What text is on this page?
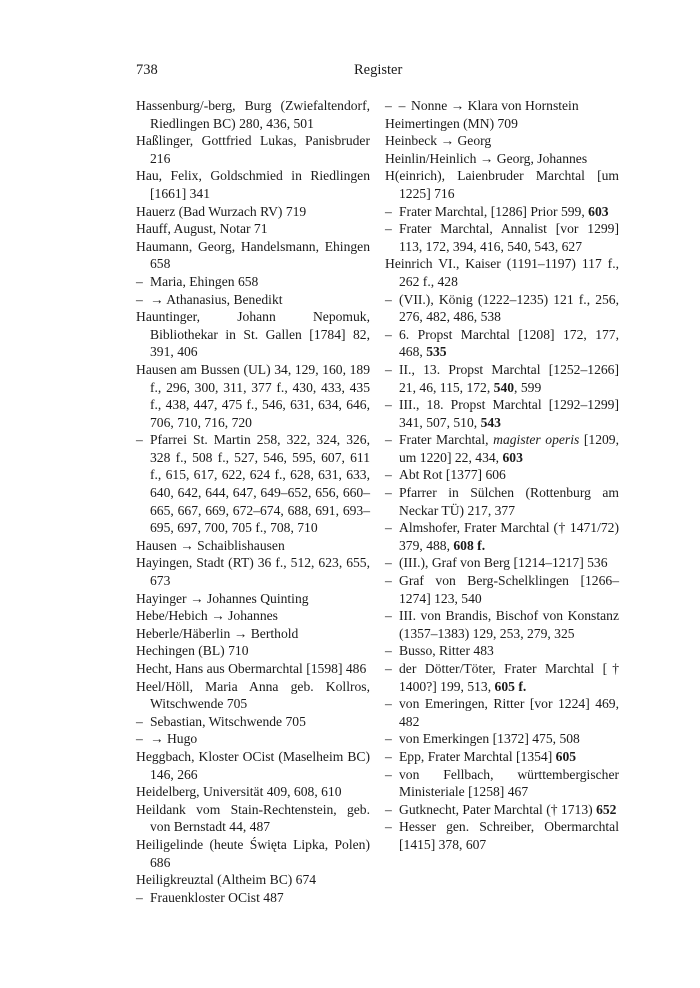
738	Register
Hassenburg/-berg, Burg (Zwiefaltendorf, Riedlingen BC) 280, 436, 501
Haßlinger, Gottfried Lukas, Panisbruder 216
Hau, Felix, Goldschmied in Riedlingen [1661] 341
Hauerz (Bad Wurzach RV) 719
Hauff, August, Notar 71
Haumann, Georg, Handelsmann, Ehingen 658
– Maria, Ehingen 658
– → Athanasius, Benedikt
Hauntinger, Johann Nepomuk, Bibliothekar in St. Gallen [1784] 82, 391, 406
Hausen am Bussen (UL) 34, 129, 160, 189 f., 296, 300, 311, 377 f., 430, 433, 435 f., 438, 447, 475 f., 546, 631, 634, 646, 706, 710, 716, 720
– Pfarrei St. Martin 258, 322, 324, 326, 328 f., 508 f., 527, 546, 595, 607, 611 f., 615, 617, 622, 624 f., 628, 631, 633, 640, 642, 644, 647, 649–652, 656, 660–665, 667, 669, 672–674, 688, 691, 693–695, 697, 700, 705 f., 708, 710
Hausen → Schaiblishausen
Hayingen, Stadt (RT) 36 f., 512, 623, 655, 673
Hayinger → Johannes Quinting
Hebe/Hebich → Johannes
Heberle/Häberlin → Berthold
Hechingen (BL) 710
Hecht, Hans aus Obermarchtal [1598] 486
Heel/Höll, Maria Anna geb. Kollros, Witschwende 705
– Sebastian, Witschwende 705
– → Hugo
Heggbach, Kloster OCist (Maselheim BC) 146, 266
Heidelberg, Universität 409, 608, 610
Heildank vom Stain-Rechtenstein, geb. von Bernstadt 44, 487
Heiligelinde (heute Święta Lipka, Polen) 686
Heiligkreuztal (Altheim BC) 674
– Frauenkloster OCist 487
– – Nonne → Klara von Hornstein
Heimertingen (MN) 709
Heinbeck → Georg
Heinlin/Heinlich → Georg, Johannes
H(einrich), Laienbruder Marchtal [um 1225] 716
– Frater Marchtal, [1286] Prior 599, 603
– Frater Marchtal, Annalist [vor 1299] 113, 172, 394, 416, 540, 543, 627
Heinrich VI., Kaiser (1191–1197) 117 f., 262 f., 428
– (VII.), König (1222–1235) 121 f., 256, 276, 482, 486, 538
– 6. Propst Marchtal [1208] 172, 177, 468, 535
– II., 13. Propst Marchtal [1252–1266] 21, 46, 115, 172, 540, 599
– III., 18. Propst Marchtal [1292–1299] 341, 507, 510, 543
– Frater Marchtal, magister operis [1209, um 1220] 22, 434, 603
– Abt Rot [1377] 606
– Pfarrer in Sülchen (Rottenburg am Neckar TÜ) 217, 377
– Almshofer, Frater Marchtal († 1471/72) 379, 488, 608 f.
– (III.), Graf von Berg [1214–1217] 536
– Graf von Berg-Schelklingen [1266–1274] 123, 540
– III. von Brandis, Bischof von Konstanz (1357–1383) 129, 253, 279, 325
– Busso, Ritter 483
– der Dötter/Töter, Frater Marchtal [† 1400?] 199, 513, 605 f.
– von Emeringen, Ritter [vor 1224] 469, 482
– von Emerkingen [1372] 475, 508
– Epp, Frater Marchtal [1354] 605
– von Fellbach, württembergischer Ministeriale [1258] 467
– Gutknecht, Pater Marchtal († 1713) 652
– Hesser gen. Schreiber, Obermarchtal [1415] 378, 607
